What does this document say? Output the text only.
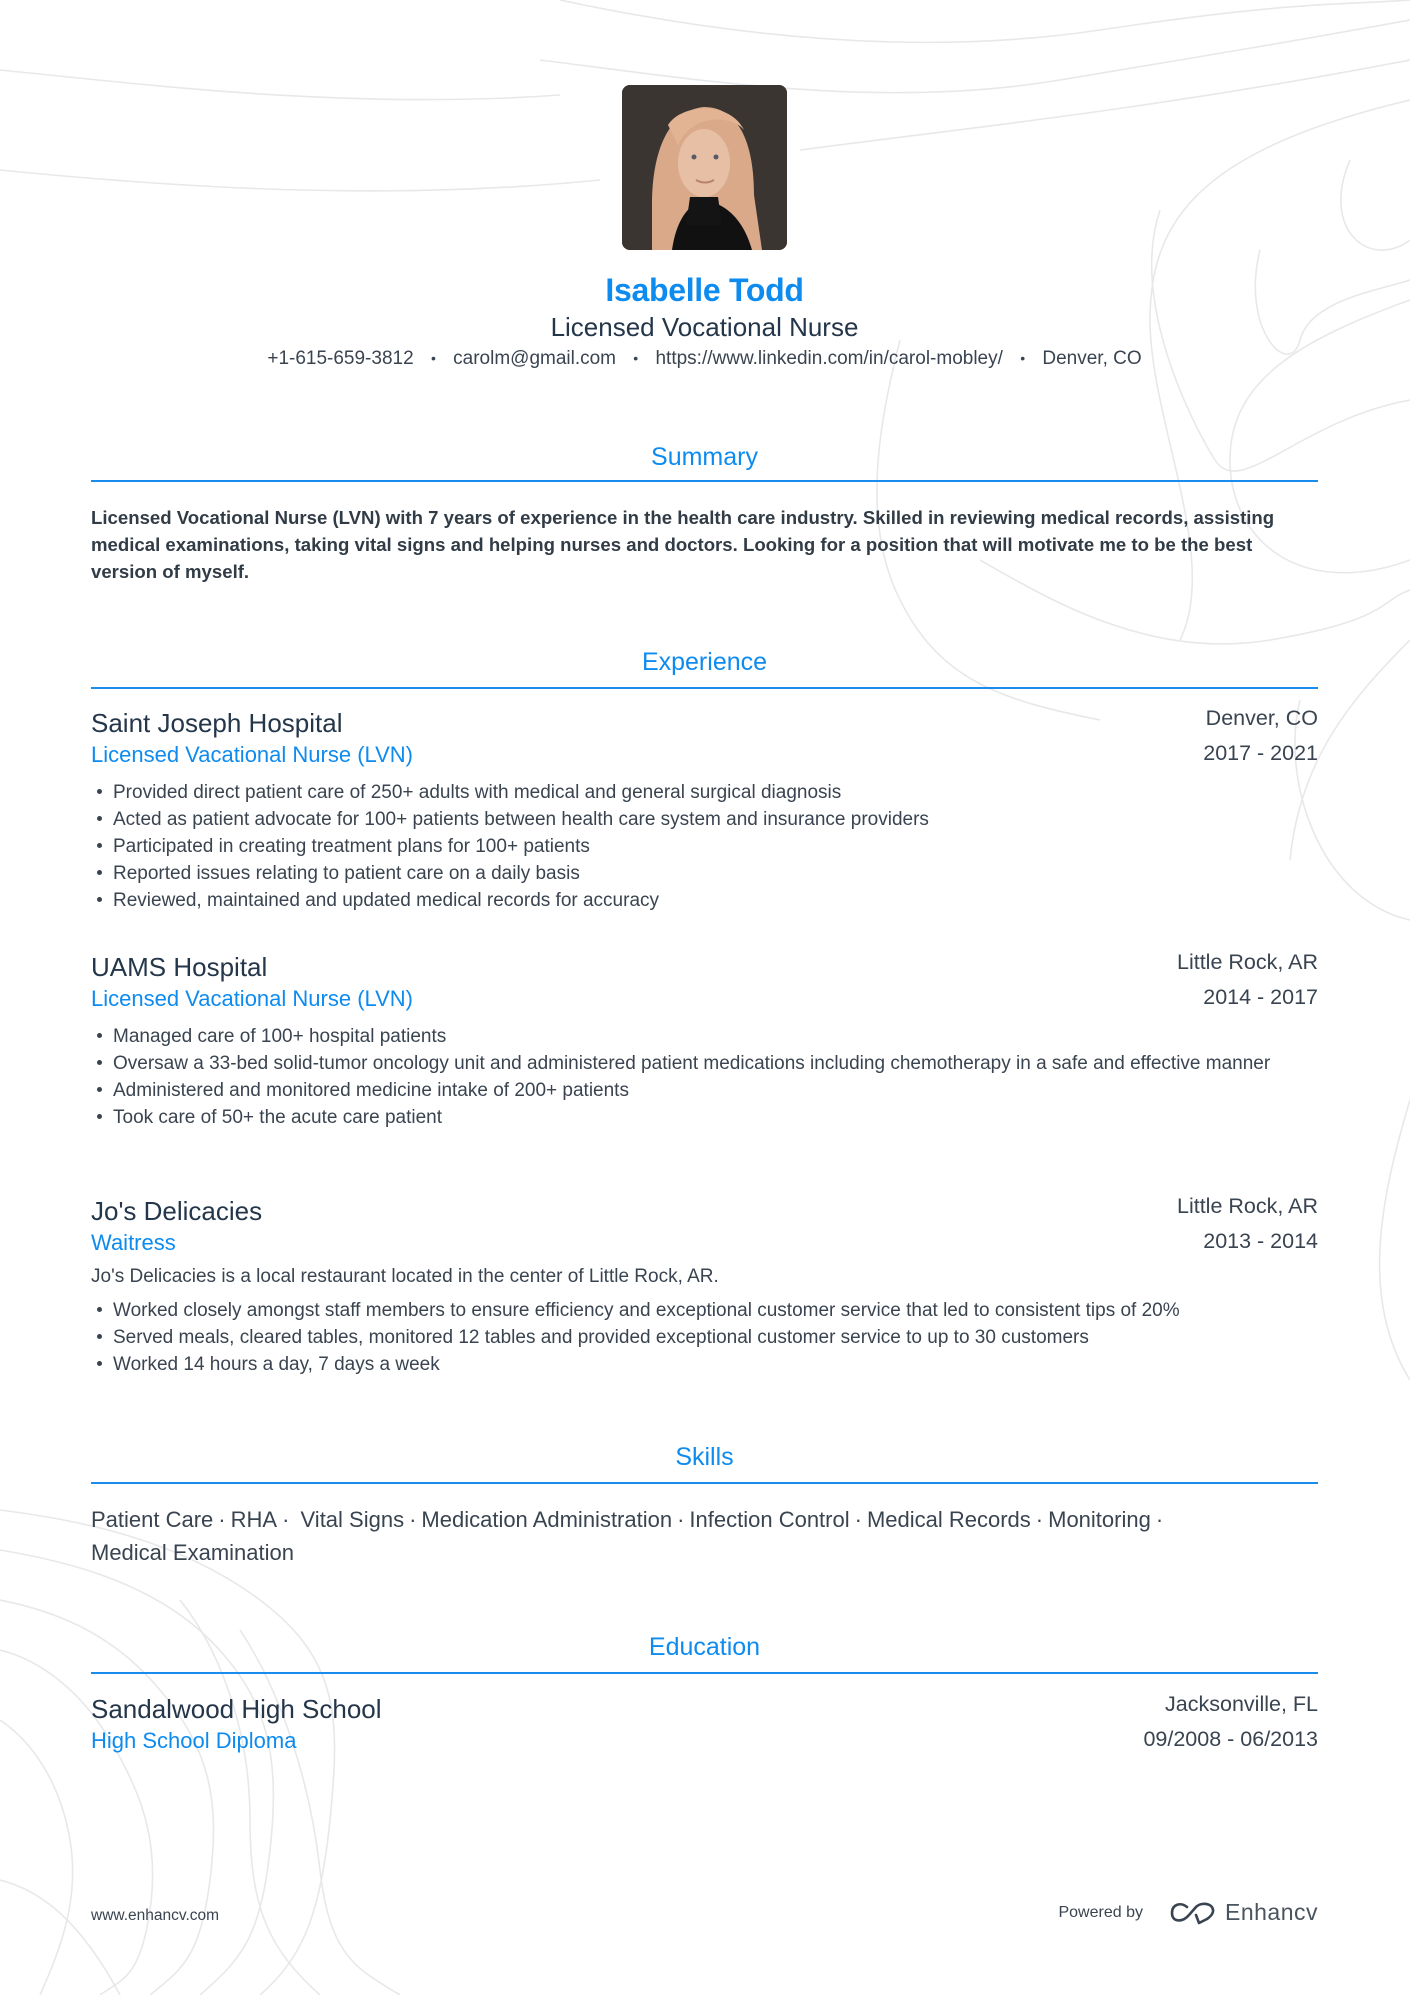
Isabelle Todd
Licensed Vocational Nurse
+1-615-659-3812 • carolm@gmail.com • https://www.linkedin.com/in/carol-mobley/ • Denver, CO
Summary
Licensed Vocational Nurse (LVN) with 7 years of experience in the health care industry. Skilled in reviewing medical records, assisting medical examinations, taking vital signs and helping nurses and doctors. Looking for a position that will motivate me to be the best version of myself.
Experience
Saint Joseph Hospital
Licensed Vacational Nurse (LVN)
Denver, CO
2017 - 2021
Provided direct patient care of 250+ adults with medical and general surgical diagnosis
Acted as patient advocate for 100+ patients between health care system and insurance providers
Participated in creating treatment plans for 100+ patients
Reported issues relating to patient care on a daily basis
Reviewed, maintained and updated medical records for accuracy
UAMS Hospital
Licensed Vacational Nurse (LVN)
Little Rock, AR
2014 - 2017
Managed care of 100+ hospital patients
Oversaw a 33-bed solid-tumor oncology unit and administered patient medications including chemotherapy in a safe and effective manner
Administered and monitored medicine intake of 200+ patients
Took care of 50+ the acute care patient
Jo's Delicacies
Waitress
Little Rock, AR
2013 - 2014
Jo's Delicacies is a local restaurant located in the center of Little Rock, AR.
Worked closely amongst staff members to ensure efficiency and exceptional customer service that led to consistent tips of 20%
Served meals, cleared tables, monitored 12 tables and provided exceptional customer service to up to 30 customers
Worked 14 hours a day, 7 days a week
Skills
Patient Care · RHA · Vital Signs · Medication Administration · Infection Control · Medical Records · Monitoring ·
Medical Examination
Education
Sandalwood High School
High School Diploma
Jacksonville, FL
09/2008 - 06/2013
www.enhancv.com	Powered by	Enhancv
